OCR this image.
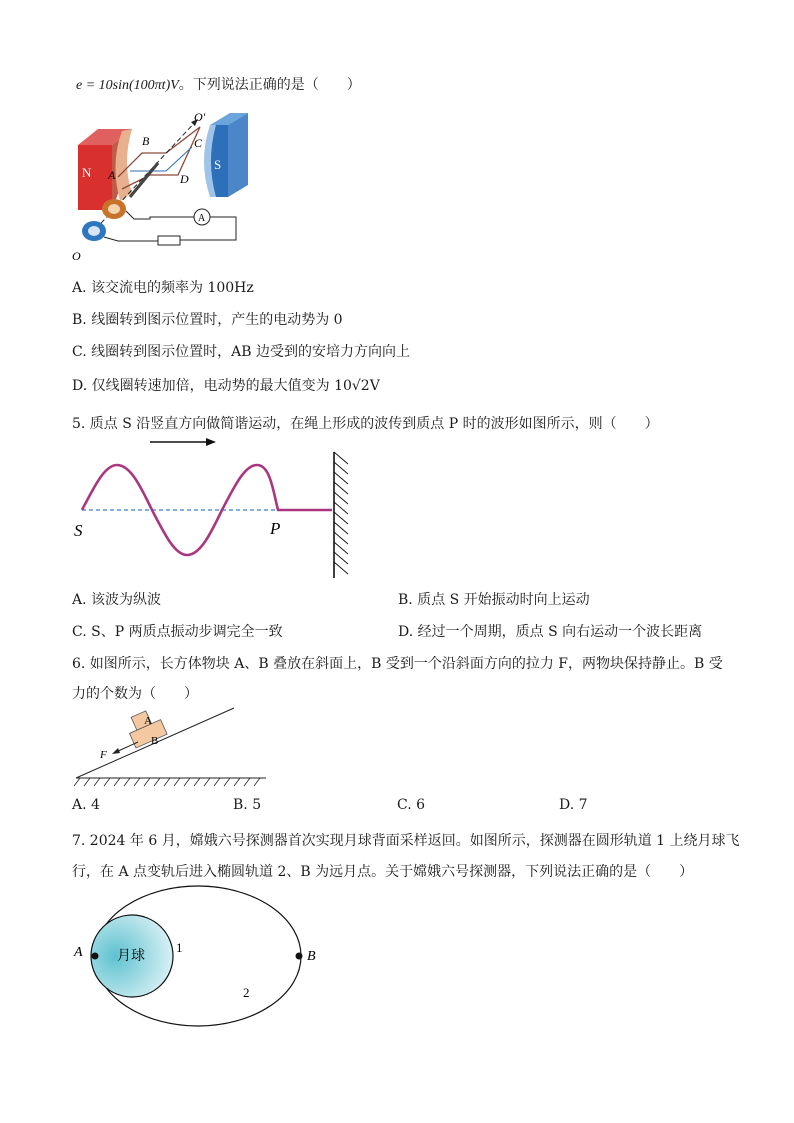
e = 10sin(100πt)V。下列说法正确的是（　　）
N
S
O′
B	C
A	D
A
O
A. 该交流电的频率为 100Hz
B. 线圈转到图示位置时，产生的电动势为 0
C. 线圈转到图示位置时，AB 边受到的安培力方向向上
D. 仅线圈转速加倍，电动势的最大值变为 10√2V
5. 质点 S 沿竖直方向做简谐运动，在绳上形成的波传到质点 P 时的波形如图所示，则（　　）
S	P
A. 该波为纵波	B. 质点 S 开始振动时向上运动
C. S、P 两质点振动步调完全一致	D. 经过一个周期，质点 S 向右运动一个波长距离
6. 如图所示，长方体物块 A、B 叠放在斜面上，B 受到一个沿斜面方向的拉力 F，两物块保持静止。B 受
力的个数为（　　）
B
A
F
A. 4	B. 5	C. 6	D. 7
7. 2024 年 6 月，嫦娥六号探测器首次实现月球背面采样返回。如图所示，探测器在圆形轨道 1 上绕月球飞
行，在 A 点变轨后进入椭圆轨道 2、B 为远月点。关于嫦娥六号探测器，下列说法正确的是（　　）
月球
A	B
1
2
